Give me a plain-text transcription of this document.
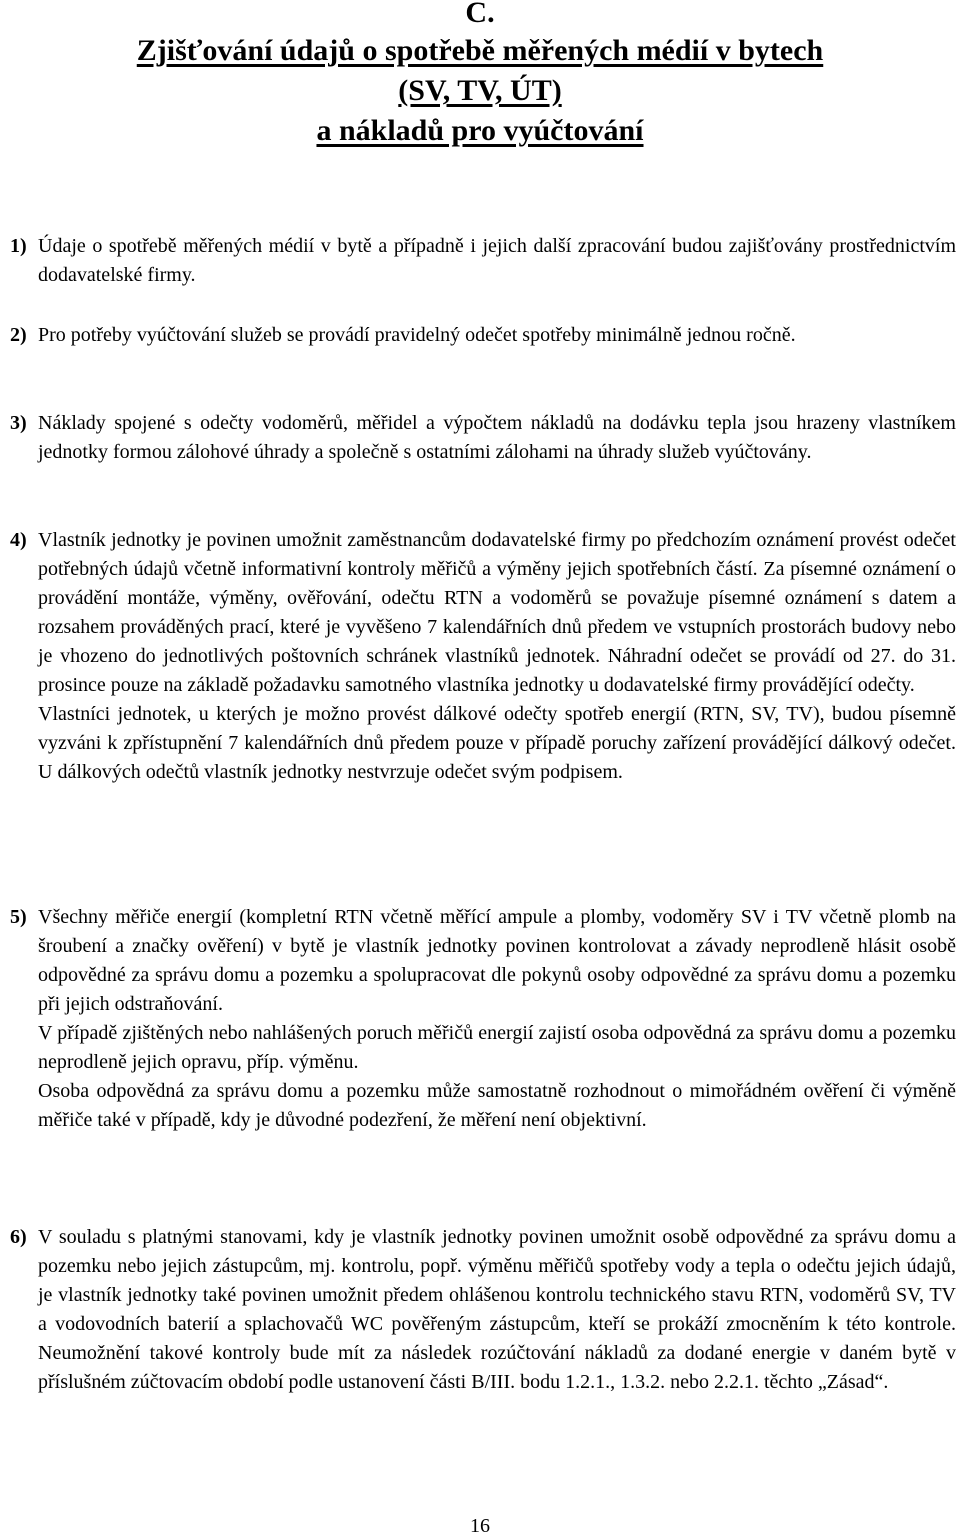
C.
Zjišťování údajů o spotřebě měřených médií v bytech
(SV, TV, ÚT)
a nákladů pro vyúčtování
1) Údaje o spotřebě měřených médií v bytě a případně i jejich další zpracování budou zajišťovány prostřednictvím dodavatelské firmy.

2) Pro potřeby vyúčtování služeb se provádí pravidelný odečet spotřeby minimálně jednou ročně.

3) Náklady spojené s odečty vodoměrů, měřidel a výpočtem nákladů na dodávku tepla jsou hrazeny vlastníkem jednotky formou zálohové úhrady a společně s ostatními zálohami na úhrady služeb vyúčtovány.

4) Vlastník jednotky je povinen umožnit zaměstnancům dodavatelské firmy po předchozím oznámení provést odečet potřebných údajů včetně informativní kontroly měřičů a výměny jejich spotřebních částí. Za písemné oznámení o provádění montáže, výměny, ověřování, odečtu RTN a vodoměrů se považuje písemné oznámení s datem a rozsahem prováděných prací, které je vyvěšeno 7 kalendářních dnů předem ve vstupních prostorách budovy nebo je vhozeno do jednotlivých poštovních schránek vlastníků jednotek. Náhradní odečet se provádí od 27. do 31. prosince pouze na základě požadavku samotného vlastníka jednotky u dodavatelské firmy provádějící odečty.

Vlastníci jednotek, u kterých je možno provést dálkové odečty spotřeb energií (RTN, SV, TV), budou písemně vyzváni k zpřístupnění 7 kalendářních dnů předem pouze v případě poruchy zařízení provádějící dálkový odečet. U dálkových odečtů vlastník jednotky nestvrzuje odečet svým podpisem.

5) Všechny měřiče energií (kompletní RTN včetně měřící ampule a plomby, vodoměry SV i TV včetně plomb na šroubení a značky ověření) v bytě je vlastník jednotky povinen kontrolovat a závady neprodleně hlásit osobě odpovědné za správu domu a pozemku a spolupracovat dle pokynů osoby odpovědné za správu domu a pozemku při jejich odstraňování.

V případě zjištěných nebo nahlášených poruch měřičů energií zajistí osoba odpovědná za správu domu a pozemku neprodleně jejich opravu, příp. výměnu.

Osoba odpovědná za správu domu a pozemku může samostatně rozhodnout o mimořádném ověření či výměně měřiče také v případě, kdy je důvodné podezření, že měření není objektivní.

6) V souladu s platnými stanovami, kdy je vlastník jednotky povinen umožnit osobě odpovědné za správu domu a pozemku nebo jejich zástupcům, mj. kontrolu, popř. výměnu měřičů spotřeby vody a tepla o odečtu jejich údajů, je vlastník jednotky také povinen umožnit předem ohlášenou kontrolu technického stavu RTN, vodoměrů SV, TV a vodovodních baterií a splachovačů WC pověřeným zástupcům, kteří se prokáží zmocněním k této kontrole. Neumožnění takové kontroly bude mít za následek rozúčtování nákladů za dodané energie v daném bytě v příslušném zúčtovacím období podle ustanovení části B/III. bodu 1.2.1., 1.3.2. nebo 2.2.1. těchto „Zásad“.

16
